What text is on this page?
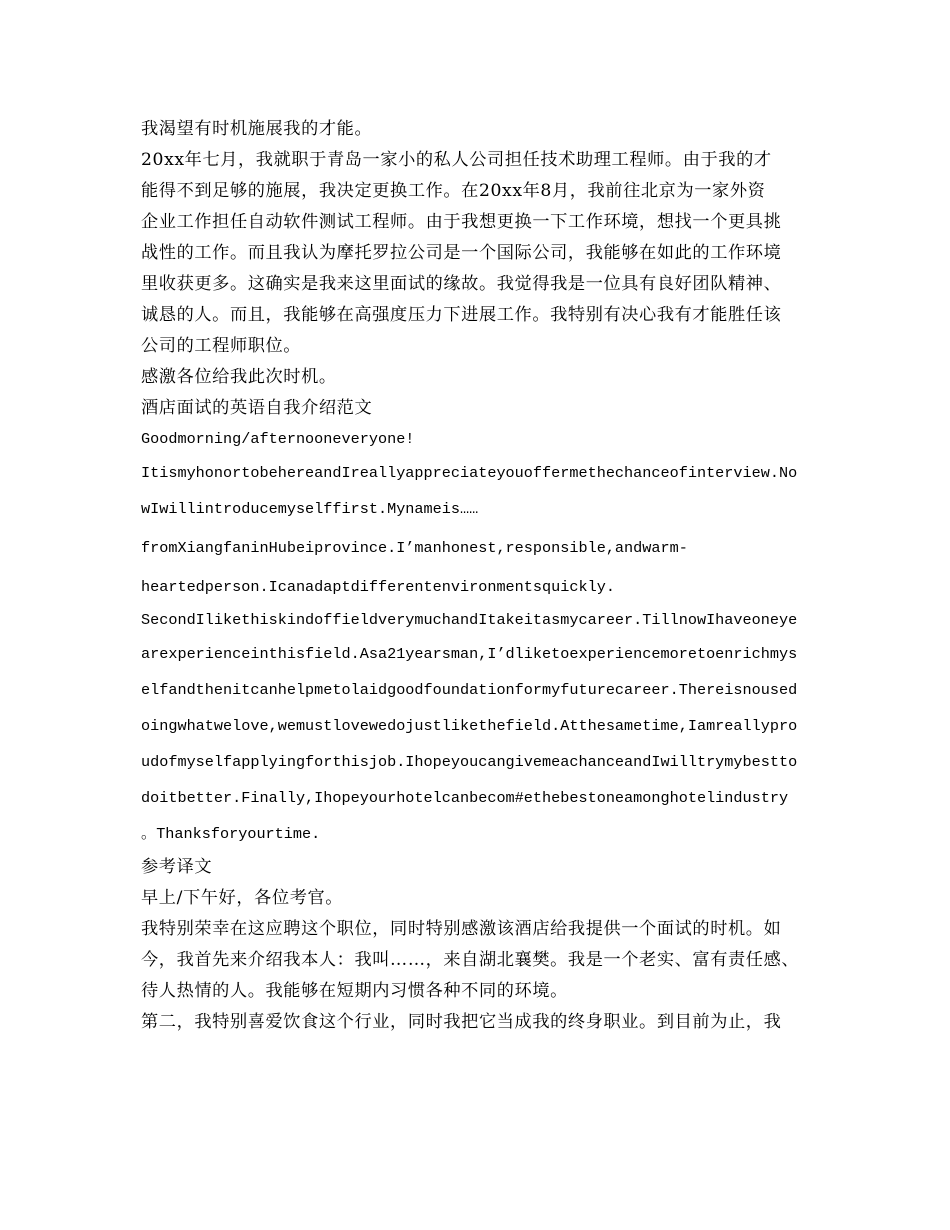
我渴望有时机施展我的才能。

20xx年七月，我就职于青岛一家小的私人公司担任技术助理工程师。由于我的才
能得不到足够的施展，我决定更换工作。在20xx年8月，我前往北京为一家外资
企业工作担任自动软件测试工程师。由于我想更换一下工作环境，想找一个更具挑
战性的工作。而且我认为摩托罗拉公司是一个国际公司，我能够在如此的工作环境
里收获更多。这确实是我来这里面试的缘故。我觉得我是一位具有良好团队精神、
诚恳的人。而且，我能够在高强度压力下进展工作。我特别有决心我有才能胜任该
公司的工程师职位。

感激各位给我此次时机。

酒店面试的英语自我介绍范文

Goodmorning/afternooneveryone!
ItismyhonortobehereandIreallyappreciateyouoffermethechanceofinterview.No
wIwillintroducemyselffirst.Mynameis……
fromXiangfaninHubeiprovince.I’manhonest,responsible,andwarm-
heartedperson.Icanadaptdifferentenvironmentsquickly.
SecondIlikethiskindoffieldverymuchandItakeitasmycareer.TillnowIhaveoneye
arexperienceinthisfield.Asa21yearsman,I’dliketoexperiencemoretoenrichmys
elfandthenitcanhelpmetolaidgoodfoundationformyfuturecareer.Thereisnoused
oingwhatwelove,wemustlovewedojustlikethefield.Atthesametime,Iamreallypro
udofmyselfapplyingforthisjob.IhopeyoucangivemeachanceandIwilltrymybestto
doitbetter.Finally,Ihopeyourhotelcanbecom#ethebestoneamonghotelindustry
。Thanksforyourtime.

参考译文

早上/下午好，各位考官。

我特别荣幸在这应聘这个职位，同时特别感激该酒店给我提供一个面试的时机。如
今，我首先来介绍我本人：我叫……，来自湖北襄樊。我是一个老实、富有责任感、
待人热情的人。我能够在短期内习惯各种不同的环境。

第二，我特别喜爱饮食这个行业，同时我把它当成我的终身职业。到目前为止，我
